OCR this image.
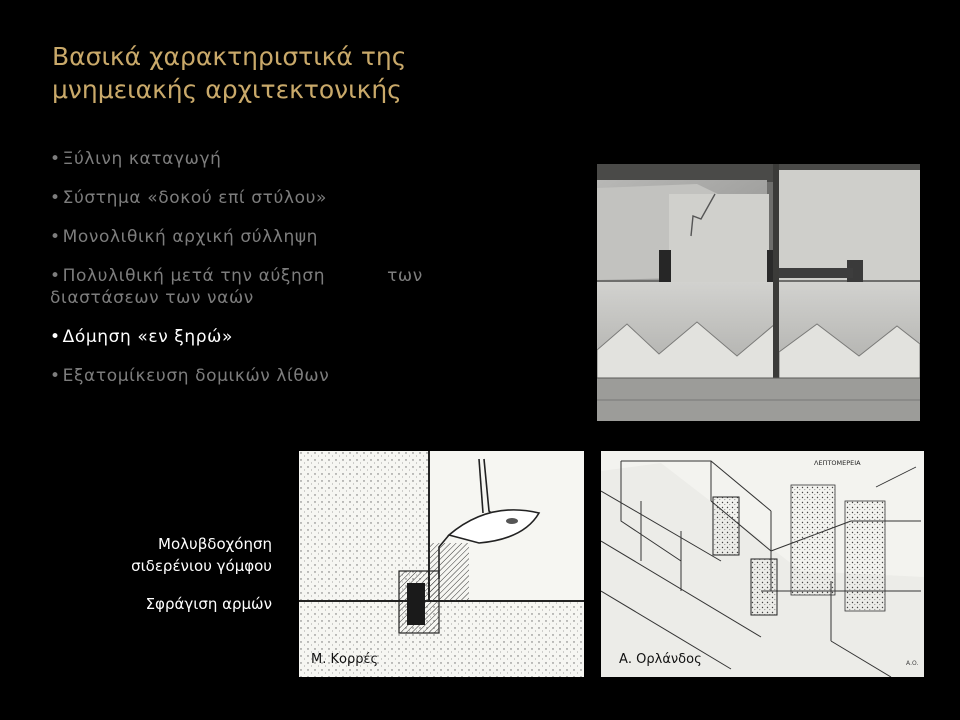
Βασικά χαρακτηριστικά της
μνημειακής αρχιτεκτονικής
• Ξύλινη καταγωγή
• Σύστημα «δοκού επί στύλου»
• Μονολιθική αρχική σύλληψη
• Πολυλιθική μετά την αύξηση	των
διαστάσεων των ναών
• Δόμηση «εν ξηρώ»
• Εξατομίκευση δομικών λίθων
Μ. Κορρές
ΛΕΠΤΟΜΕΡΕΙΑ
Α.Ο.
Α. Ορλάνδος

Μολυβδοχόηση

σιδερένιου γόμφου

Σφράγιση αρμών
